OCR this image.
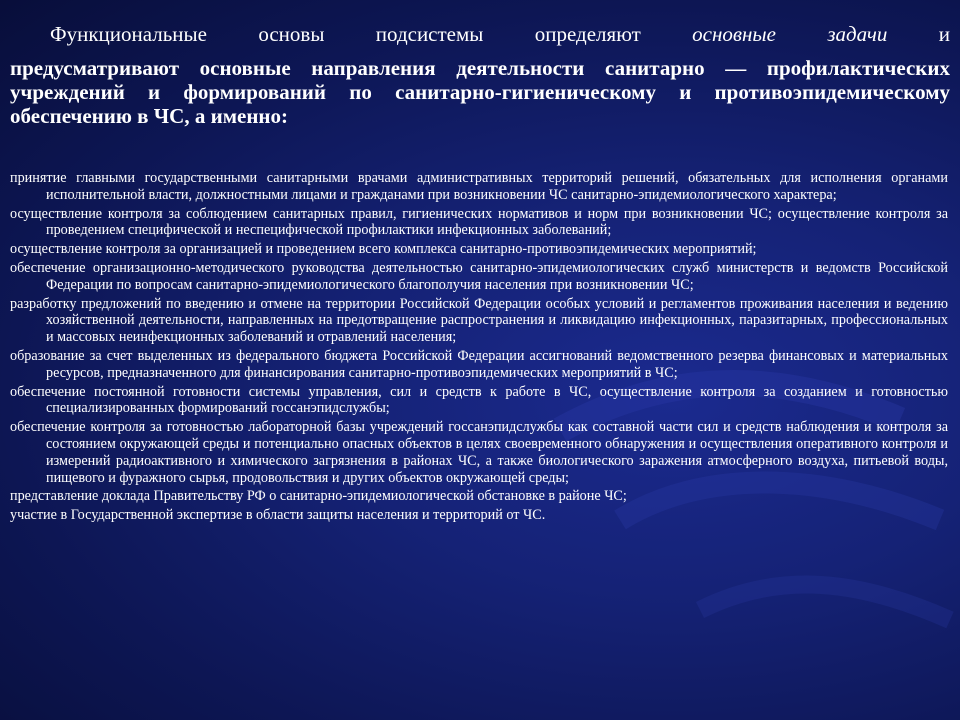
Функциональные основы подсистемы определяют основные задачи и
предусматривают основные направления деятельности санитарно — профилактических учреждений и формирований по санитарно-гигиеническому и противоэпидемическому обеспечению в ЧС, а именно:
принятие главными государственными санитарными врачами административных территорий решений, обязательных для исполнения органами исполнительной власти, должностными лицами и гражданами при возникновении ЧС санитарно-эпидемиологического характера;
осуществление контроля за соблюдением санитарных правил, гигиенических нормативов и норм при возникновении ЧС; осуществление контроля за проведением специфической и неспецифической профилактики инфекционных заболеваний;
осуществление контроля за организацией и проведением всего комплекса санитарно-противоэпидемических мероприятий;
обеспечение организационно-методического руководства деятельностью санитарно-эпидемиологических служб министерств и ведомств Российской Федерации по вопросам санитарно-эпидемиологического благополучия населения при возникновении ЧС;
разработку предложений по введению и отмене на территории Российской Федерации особых условий и регламентов проживания населения и ведению хозяйственной деятельности, направленных на предотвращение распространения и ликвидацию инфекционных, паразитарных, профессиональных и массовых неинфекционных заболеваний и отравлений населения;
образование за счет выделенных из федерального бюджета Российской Федерации ассигнований ведомственного резерва финансовых и материальных ресурсов, предназначенного для финансирования санитарно-противоэпидемических мероприятий в ЧС;
обеспечение постоянной готовности системы управления, сил и средств к работе в ЧС, осуществление контроля за созданием и готовностью специализированных формирований госсанэпидслужбы;
обеспечение контроля за готовностью лабораторной базы учреждений госсанэпидслужбы как составной части сил и средств наблюдения и контроля за состоянием окружающей среды и потенциально опасных объектов в целях своевременного обнаружения и осуществления оперативного контроля и измерений радиоактивного и химического загрязнения в районах ЧС, а также биологического заражения атмосферного воздуха, питьевой воды, пищевого и фуражного сырья, продовольствия и других объектов окружающей среды;
представление доклада Правительству РФ о санитарно-эпидемиологической обстановке в районе ЧС;
участие в Государственной экспертизе в области защиты населения и территорий от ЧС.
